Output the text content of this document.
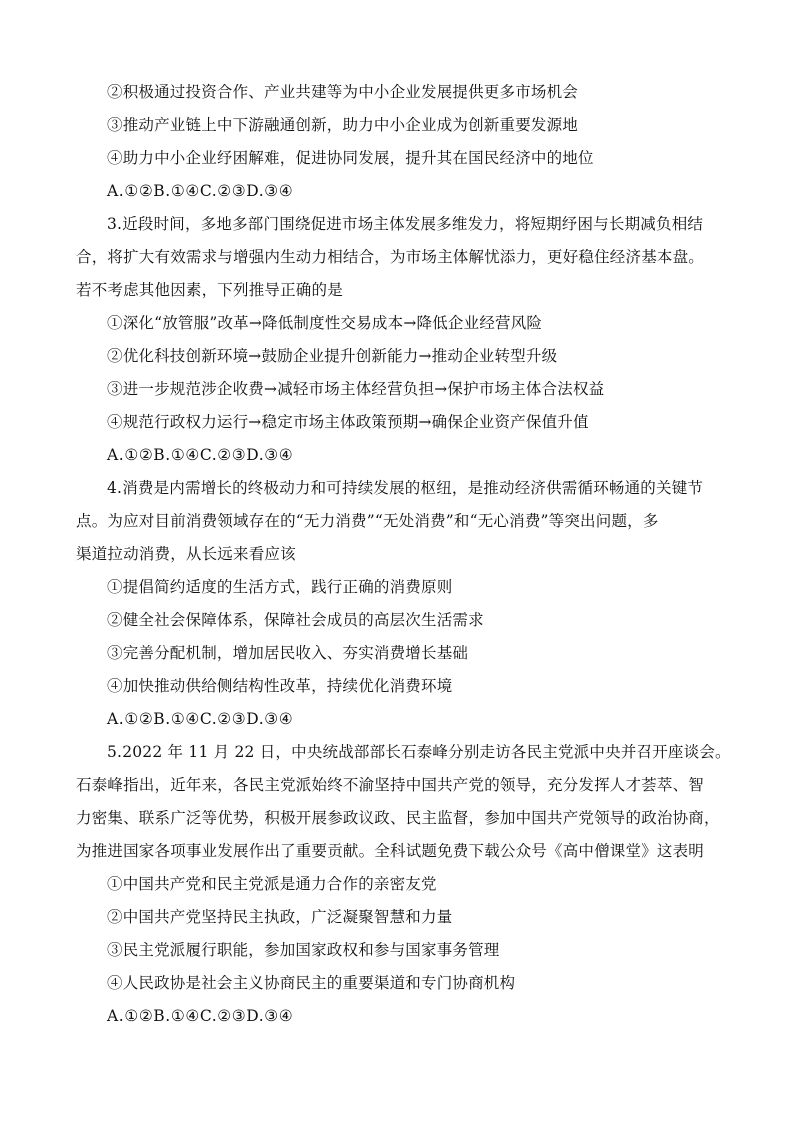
②积极通过投资合作、产业共建等为中小企业发展提供更多市场机会
③推动产业链上中下游融通创新，助力中小企业成为创新重要发源地
④助力中小企业纾困解难，促进协同发展，提升其在国民经济中的地位
A.①②B.①④C.②③D.③④
3.近段时间，多地多部门围绕促进市场主体发展多维发力，将短期纾困与长期减负相结
合，将扩大有效需求与增强内生动力相结合，为市场主体解忧添力，更好稳住经济基本盘。
若不考虑其他因素，下列推导正确的是
①深化“放管服”改革→降低制度性交易成本→降低企业经营风险
②优化科技创新环境→鼓励企业提升创新能力→推动企业转型升级
③进一步规范涉企收费→减轻市场主体经营负担→保护市场主体合法权益
④规范行政权力运行→稳定市场主体政策预期→确保企业资产保值升值
A.①②B.①④C.②③D.③④
4.消费是内需增长的终极动力和可持续发展的枢纽，是推动经济供需循环畅通的关键节
点。为应对目前消费领域存在的“无力消费”“无处消费”和“无心消费”等突出问题，多
渠道拉动消费，从长远来看应该
①提倡简约适度的生活方式，践行正确的消费原则
②健全社会保障体系，保障社会成员的高层次生活需求
③完善分配机制，增加居民收入、夯实消费增长基础
④加快推动供给侧结构性改革，持续优化消费环境
A.①②B.①④C.②③D.③④
5.2022 年 11 月 22 日，中央统战部部长石泰峰分别走访各民主党派中央并召开座谈会。
石泰峰指出，近年来，各民主党派始终不渝坚持中国共产党的领导，充分发挥人才荟萃、智
力密集、联系广泛等优势，积极开展参政议政、民主监督，参加中国共产党领导的政治协商，
为推进国家各项事业发展作出了重要贡献。全科试题免费下载公众号《高中僧课堂》这表明
①中国共产党和民主党派是通力合作的亲密友党
②中国共产党坚持民主执政，广泛凝聚智慧和力量
③民主党派履行职能，参加国家政权和参与国家事务管理
④人民政协是社会主义协商民主的重要渠道和专门协商机构
A.①②B.①④C.②③D.③④
